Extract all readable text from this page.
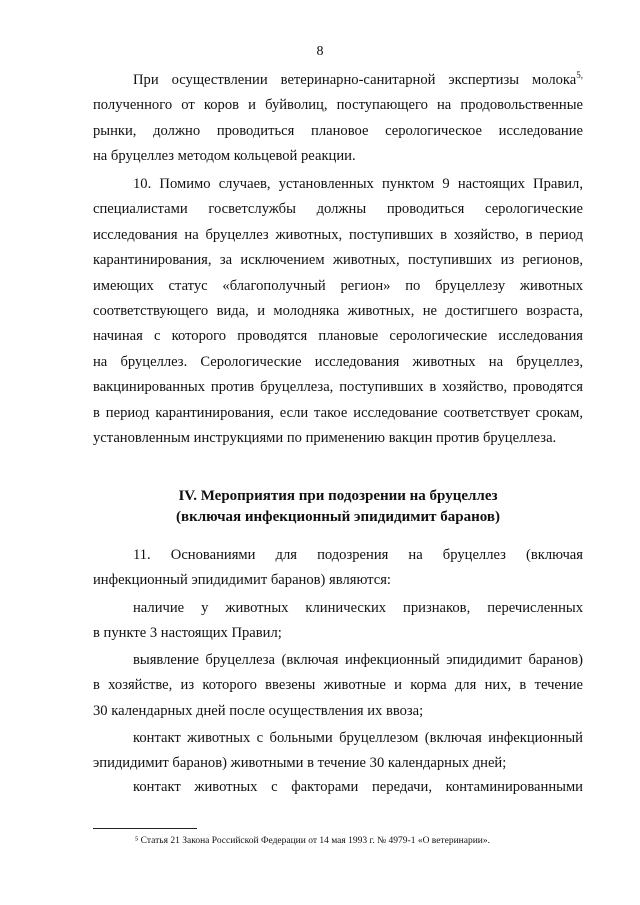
8
При осуществлении ветеринарно-санитарной экспертизы молока$^{5,}$
полученного от коров и буйволиц, поступающего на продовольственные
рынки, должно проводиться плановое серологическое исследование
на бруцеллез методом кольцевой реакции.
10. Помимо случаев, установленных пунктом 9 настоящих Правил,
специалистами госветслужбы должны проводиться серологические
исследования на бруцеллез животных, поступивших в хозяйство, в период
карантинирования, за исключением животных, поступивших из регионов,
имеющих статус «благополучный регион» по бруцеллезу животных
соответствующего вида, и молодняка животных, не достигшего возраста,
начиная с которого проводятся плановые серологические исследования
на бруцеллез. Серологические исследования животных на бруцеллез,
вакцинированных против бруцеллеза, поступивших в хозяйство, проводятся
в период карантинирования, если такое исследование соответствует срокам,
установленным инструкциями по применению вакцин против бруцеллеза.
IV. Мероприятия при подозрении на бруцеллез
(включая инфекционный эпидидимит баранов)
11. Основаниями для подозрения на бруцеллез (включая
инфекционный эпидидимит баранов) являются:
наличие у животных клинических признаков, перечисленных
в пункте 3 настоящих Правил;
выявление бруцеллеза (включая инфекционный эпидидимит баранов)
в хозяйстве, из которого ввезены животные и корма для них, в течение
30 календарных дней после осуществления их ввоза;
контакт животных с больными бруцеллезом (включая инфекционный
эпидидимит баранов) животными в течение 30 календарных дней;
контакт животных с факторами передачи, контаминированными
⁵ Статья 21 Закона Российской Федерации от 14 мая 1993 г. № 4979-1 «О ветеринарии».
